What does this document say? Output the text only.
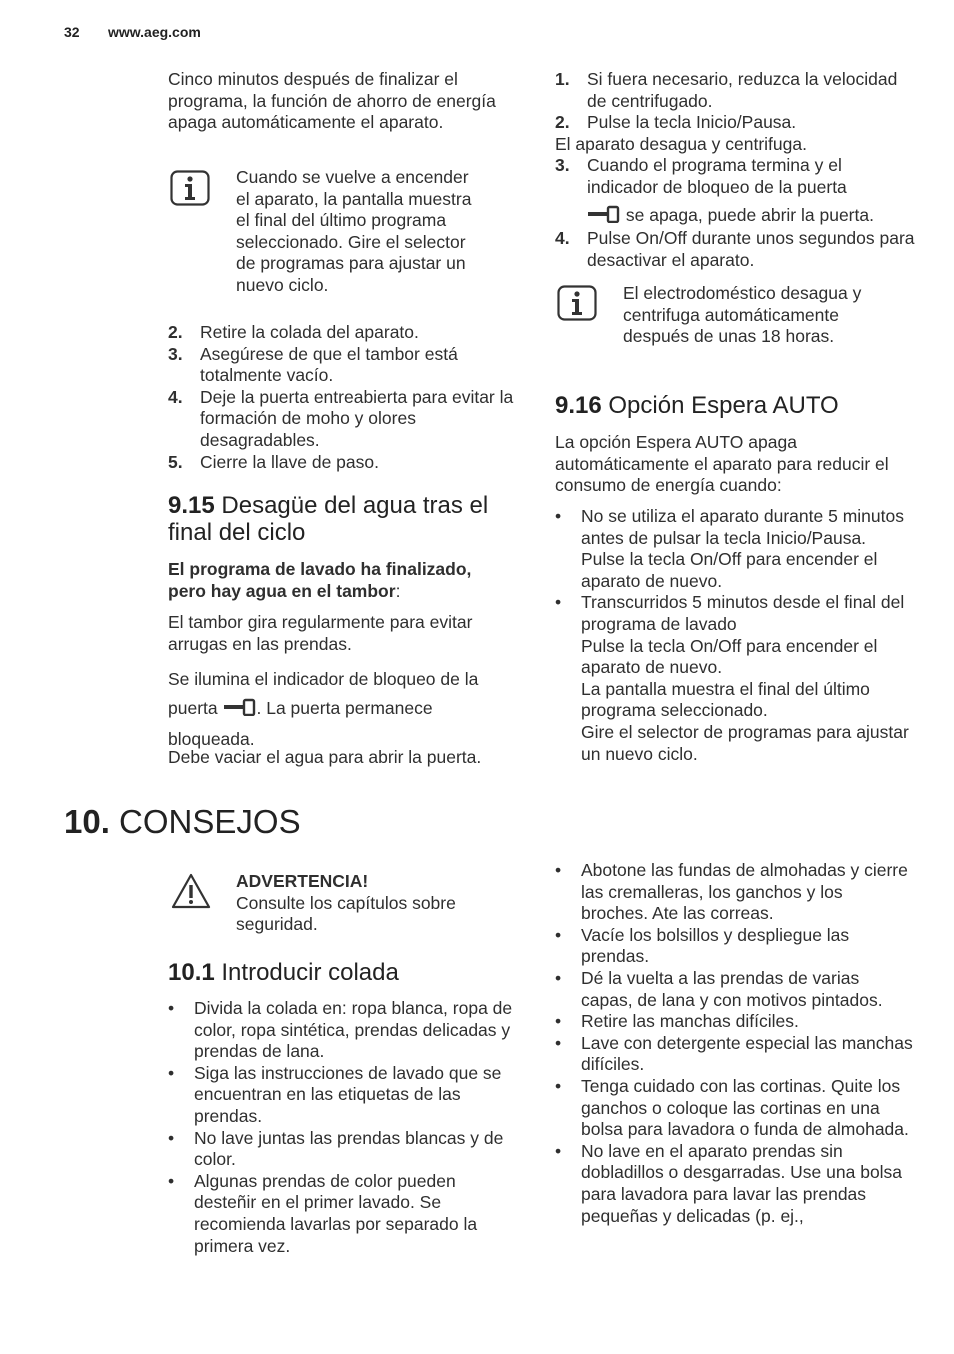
32 www.aeg.com

Cinco minutos después de finalizar el programa, la función de ahorro de energía apaga automáticamente el aparato.

Cuando se vuelve a encender el aparato, la pantalla muestra el final del último programa seleccionado. Gire el selector de programas para ajustar un nuevo ciclo.

2. Retire la colada del aparato.
3. Asegúrese de que el tambor está totalmente vacío.
4. Deje la puerta entreabierta para evitar la formación de moho y olores desagradables.
5. Cierre la llave de paso.
9.15 Desagüe del agua tras el final del ciclo

El programa de lavado ha finalizado, pero hay agua en el tambor:

El tambor gira regularmente para evitar arrugas en las prendas.

Se ilumina el indicador de bloqueo de la puerta . La puerta permanece bloqueada.

Debe vaciar el agua para abrir la puerta.

1. Si fuera necesario, reduzca la velocidad de centrifugado.
2. Pulse la tecla Inicio/Pausa.

El aparato desagua y centrifuga.

3. Cuando el programa termina y el indicador de bloqueo de la puerta
se apaga, puede abrir la puerta.
4. Pulse On/Off durante unos segundos para desactivar el aparato.

El electrodoméstico desagua y centrifuga automáticamente después de unas 18 horas.

9.16 Opción Espera AUTO

La opción Espera AUTO apaga automáticamente el aparato para reducir el consumo de energía cuando:

• No se utiliza el aparato durante 5 minutos antes de pulsar la tecla Inicio/Pausa.
Pulse la tecla On/Off para encender el aparato de nuevo.
• Transcurridos 5 minutos desde el final del programa de lavado
Pulse la tecla On/Off para encender el aparato de nuevo.
La pantalla muestra el final del último programa seleccionado.
Gire el selector de programas para ajustar un nuevo ciclo.
10. CONSEJOS

ADVERTENCIA!
Consulte los capítulos sobre seguridad.

10.1 Introducir colada
• Divida la colada en: ropa blanca, ropa de color, ropa sintética, prendas delicadas y prendas de lana.
• Siga las instrucciones de lavado que se encuentran en las etiquetas de las prendas.
• No lave juntas las prendas blancas y de color.
• Algunas prendas de color pueden desteñir en el primer lavado. Se recomienda lavarlas por separado la primera vez.
• Abotone las fundas de almohadas y cierre las cremalleras, los ganchos y los broches. Ate las correas.
• Vacíe los bolsillos y despliegue las prendas.
• Dé la vuelta a las prendas de varias capas, de lana y con motivos pintados.
• Retire las manchas difíciles.
• Lave con detergente especial las manchas difíciles.
• Tenga cuidado con las cortinas. Quite los ganchos o coloque las cortinas en una bolsa para lavadora o funda de almohada.
• No lave en el aparato prendas sin dobladillos o desgarradas. Use una bolsa para lavadora para lavar las prendas pequeñas y delicadas (p. ej.,
